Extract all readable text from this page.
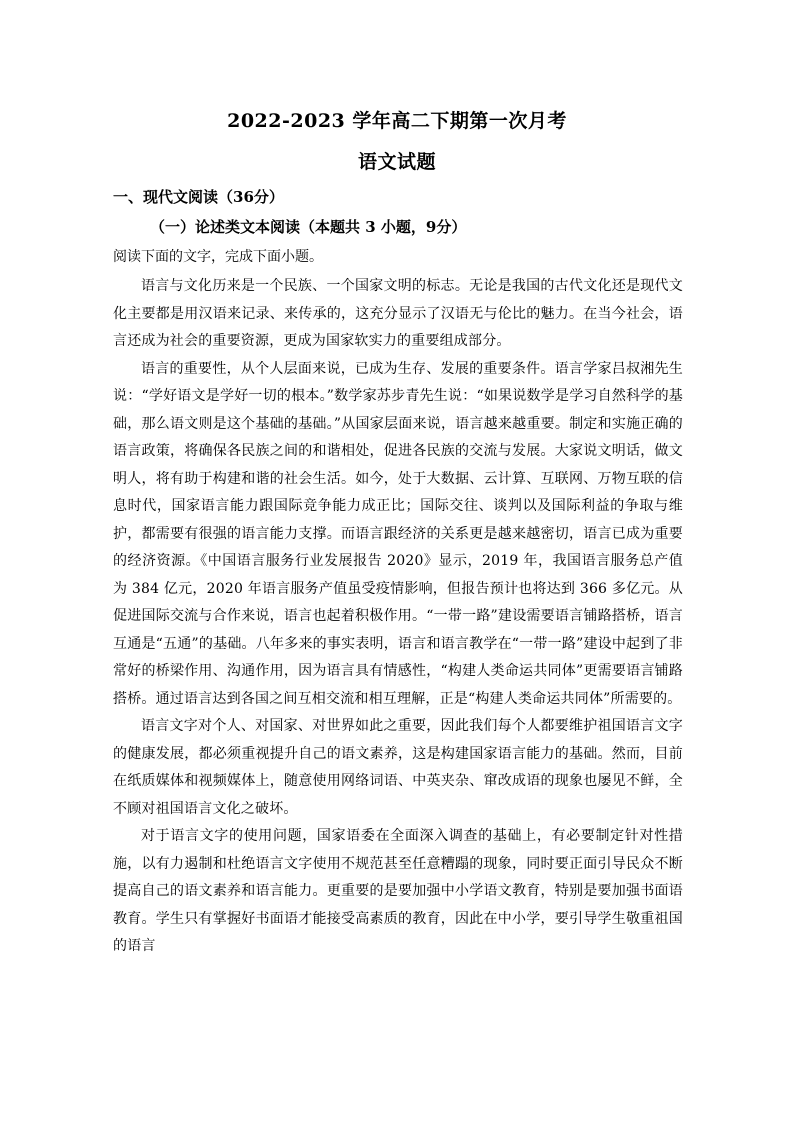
2022-2023 学年高二下期第一次月考
语文试题
一、现代文阅读（36分）
（一）论述类文本阅读（本题共 3 小题，9分）
阅读下面的文字，完成下面小题。

语言与文化历来是一个民族、一个国家文明的标志。无论是我国的古代文化还是现代文化主要都是用汉语来记录、来传承的，这充分显示了汉语无与伦比的魅力。在当今社会，语言还成为社会的重要资源，更成为国家软实力的重要组成部分。

语言的重要性，从个人层面来说，已成为生存、发展的重要条件。语言学家吕叔湘先生说：“学好语文是学好一切的根本。”数学家苏步青先生说：“如果说数学是学习自然科学的基础，那么语文则是这个基础的基础。”从国家层面来说，语言越来越重要。制定和实施正确的语言政策，将确保各民族之间的和谐相处，促进各民族的交流与发展。大家说文明话，做文明人，将有助于构建和谐的社会生活。如今，处于大数据、云计算、互联网、万物互联的信息时代，国家语言能力跟国际竞争能力成正比；国际交往、谈判以及国际利益的争取与维护，都需要有很强的语言能力支撑。而语言跟经济的关系更是越来越密切，语言已成为重要的经济资源。《中国语言服务行业发展报告 2020》显示，2019 年，我国语言服务总产值为 384 亿元，2020 年语言服务产值虽受疫情影响，但报告预计也将达到 366 多亿元。从促进国际交流与合作来说，语言也起着积极作用。“一带一路”建设需要语言铺路搭桥，语言互通是“五通”的基础。八年多来的事实表明，语言和语言教学在“一带一路”建设中起到了非常好的桥梁作用、沟通作用，因为语言具有情感性，“构建人类命运共同体”更需要语言铺路搭桥。通过语言达到各国之间互相交流和相互理解，正是“构建人类命运共同体”所需要的。

语言文字对个人、对国家、对世界如此之重要，因此我们每个人都要维护祖国语言文字的健康发展，都必须重视提升自己的语文素养，这是构建国家语言能力的基础。然而，目前在纸质媒体和视频媒体上，随意使用网络词语、中英夹杂、窜改成语的现象也屡见不鲜，全不顾对祖国语言文化之破坏。

对于语言文字的使用问题，国家语委在全面深入调查的基础上，有必要制定针对性措施，以有力遏制和杜绝语言文字使用不规范甚至任意糟蹋的现象，同时要正面引导民众不断提高自己的语文素养和语言能力。更重要的是要加强中小学语文教育，特别是要加强书面语教育。学生只有掌握好书面语才能接受高素质的教育，因此在中小学，要引导学生敬重祖国的语言
